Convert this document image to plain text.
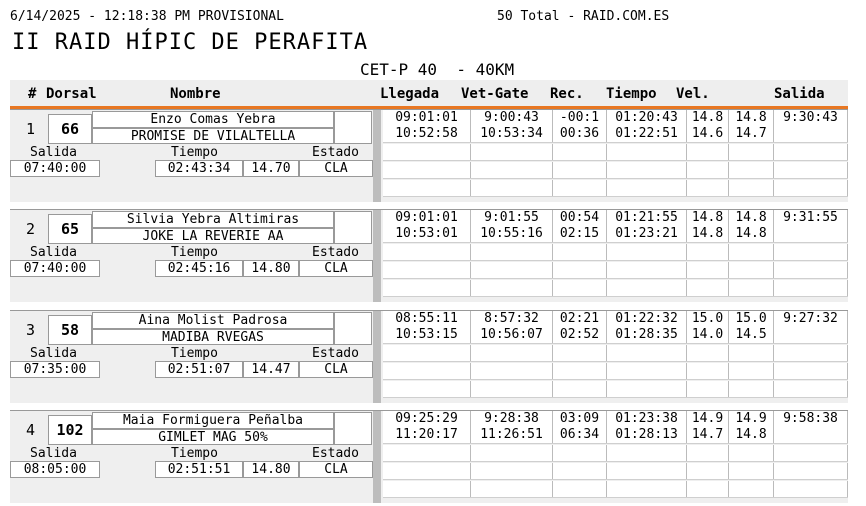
6/14/2025 - 12:18:38 PM PROVISIONAL	50 Total - RAID.COM.ES
II RAID HÍPIC DE PERAFITA
CET-P 40  - 40KM
# Dorsal	Nombre	Llegada Vet-Gate Rec. Tiempo Vel.	Salida
1	66
Enzo Comas Yebra
PROMISE DE VILALTELLA
Salida	Tiempo	Estado
07:40:00	02:43:34	14.70	CLA
09:01:01	9:00:43	-00:1	01:20:43	14.8 14.8	9:30:43
10:52:58	10:53:34	00:36	01:22:51	14.6 14.7
2	65
Silvia Yebra Altimiras
JOKE LA REVERIE AA
Salida	Tiempo	Estado
07:40:00	02:45:16	14.80	CLA
09:01:01	9:01:55	00:54	01:21:55	14.8 14.8	9:31:55
10:53:01	10:55:16	02:15	01:23:21	14.8 14.8
3	58
Aina Molist Padrosa
MADIBA RVEGAS
Salida	Tiempo	Estado
07:35:00	02:51:07	14.47	CLA
08:55:11	8:57:32	02:21	01:22:32	15.0 15.0	9:27:32
10:53:15	10:56:07	02:52	01:28:35	14.0 14.5
4	102
Maia Formiguera Peñalba
GIMLET MAG 50%
Salida	Tiempo	Estado
08:05:00	02:51:51	14.80	CLA
09:25:29	9:28:38	03:09	01:23:38	14.9 14.9	9:58:38
11:20:17	11:26:51	06:34	01:28:13	14.7 14.8
